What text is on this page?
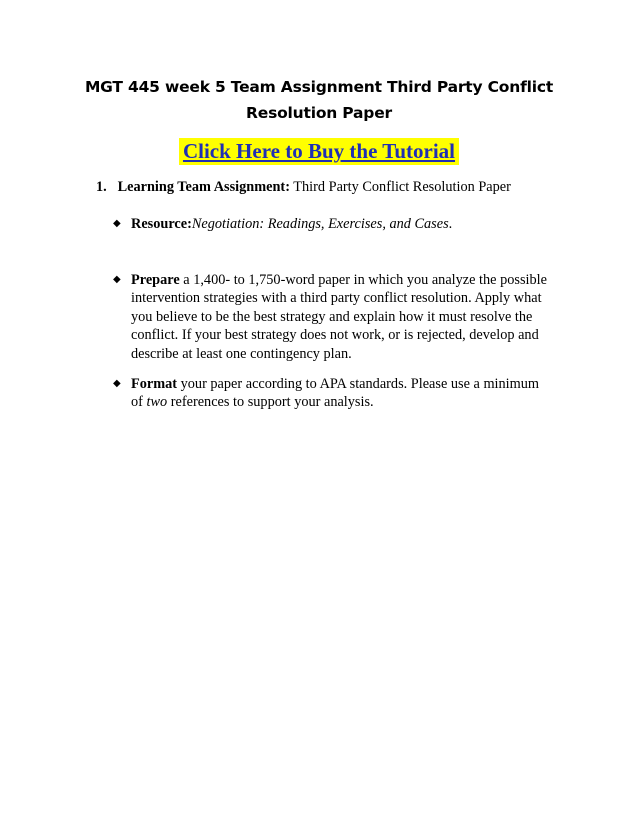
MGT 445 week 5 Team Assignment Third Party Conflict
Resolution Paper
Click Here to Buy the Tutorial
1. Learning Team Assignment: Third Party Conflict Resolution Paper
◆ Resource:Negotiation: Readings, Exercises, and Cases.
◆ Prepare a 1,400- to 1,750-word paper in which you analyze the possible
intervention strategies with a third party conflict resolution. Apply what
you believe to be the best strategy and explain how it must resolve the
conflict. If your best strategy does not work, or is rejected, develop and
describe at least one contingency plan.
◆ Format your paper according to APA standards. Please use a minimum
of two references to support your analysis.
